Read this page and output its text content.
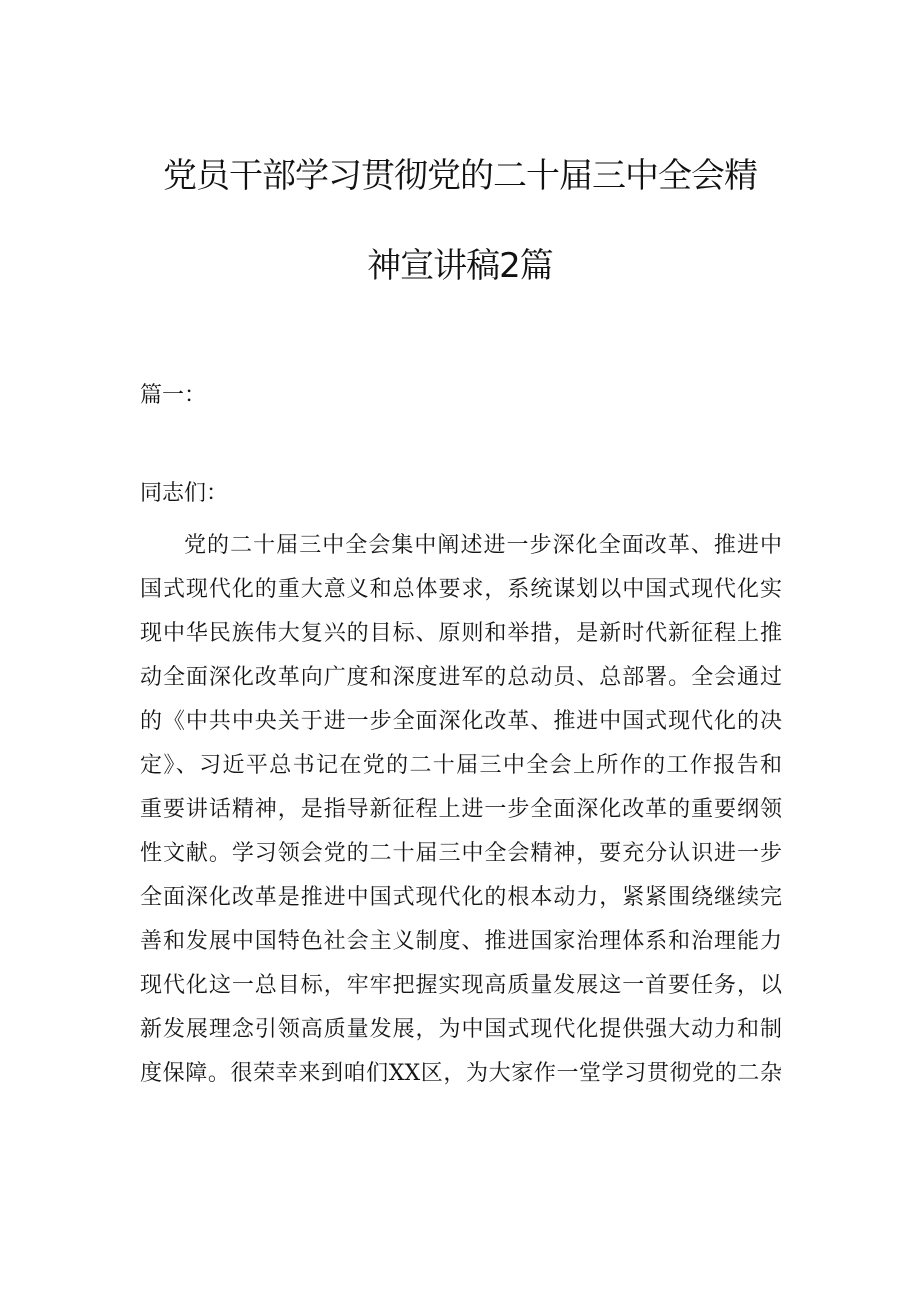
党员干部学习贯彻党的二十届三中全会精
神宣讲稿2篇
篇一：
同志们：
党的二十届三中全会集中阐述进一步深化全面改革、推进中
国式现代化的重大意义和总体要求，系统谋划以中国式现代化实
现中华民族伟大复兴的目标、原则和举措，是新时代新征程上推
动全面深化改革向广度和深度进军的总动员、总部署。全会通过
的《中共中央关于进一步全面深化改革、推进中国式现代化的决
定》、习近平总书记在党的二十届三中全会上所作的工作报告和
重要讲话精神，是指导新征程上进一步全面深化改革的重要纲领
性文献。学习领会党的二十届三中全会精神，要充分认识进一步
全面深化改革是推进中国式现代化的根本动力，紧紧围绕继续完
善和发展中国特色社会主义制度、推进国家治理体系和治理能力
现代化这一总目标，牢牢把握实现高质量发展这一首要任务，以
新发展理念引领高质量发展，为中国式现代化提供强大动力和制
度保障。很荣幸来到咱们XX区，为大家作一堂学习贯彻党的二杂
